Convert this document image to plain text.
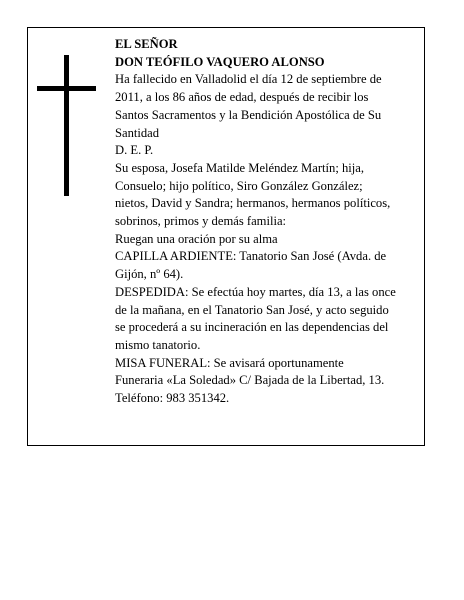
EL SEÑOR
DON TEÓFILO VAQUERO ALONSO
Ha fallecido en Valladolid el día 12 de septiembre de
2011, a los 86 años de edad, después de recibir los
Santos Sacramentos y la Bendición Apostólica de Su
Santidad
D. E. P.
Su esposa, Josefa Matilde Meléndez Martín; hija,
Consuelo; hijo político, Siro González González;
nietos, David y Sandra; hermanos, hermanos políticos,
sobrinos, primos y demás familia:
Ruegan una oración por su alma
CAPILLA ARDIENTE: Tanatorio San José (Avda. de
Gijón, nº 64).
DESPEDIDA: Se efectúa hoy martes, día 13, a las once
de la mañana, en el Tanatorio San José, y acto seguido
se procederá a su incineración en las dependencias del
mismo tanatorio.
MISA FUNERAL: Se avisará oportunamente
Funeraria «La Soledad» C/ Bajada de la Libertad, 13.
Teléfono: 983 351342.
